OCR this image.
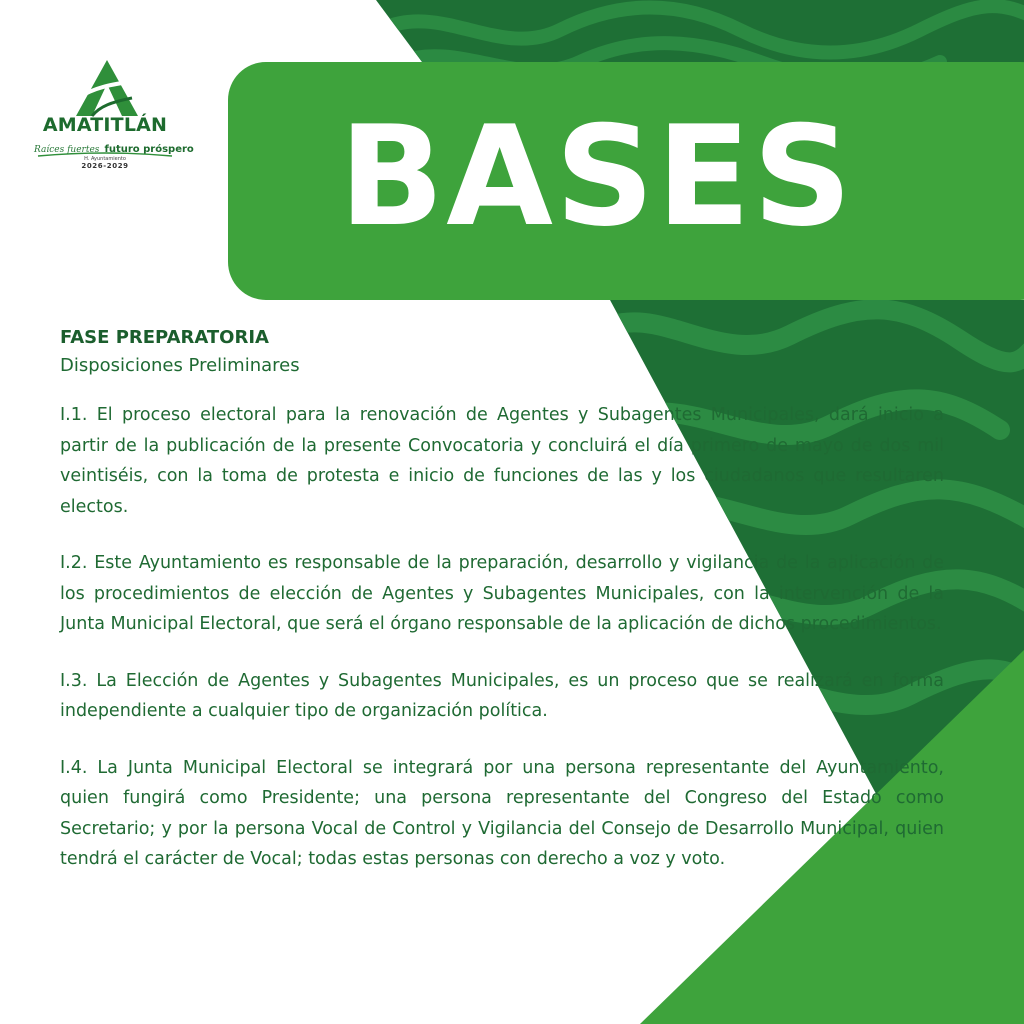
AMATITLÁN
Raíces fuertes futuro próspero
H. Ayuntamiento
2026-2029	BASES

FASE PREPARATORIA

Disposiciones Preliminares

I.1. El proceso electoral para la renovación de Agentes y Subagentes Municipales, dará inicio a partir de la publicación de la presente Convocatoria y concluirá el día primero de mayo de dos mil veintiséis, con la toma de protesta e inicio de funciones de las y los ciudadanos que resultaren electos.

I.2. Este Ayuntamiento es responsable de la preparación, desarrollo y vigilancia de la aplicación de los procedimientos de elección de Agentes y Subagentes Municipales, con la intervención de la Junta Municipal Electoral, que será el órgano responsable de la aplicación de dichos procedimientos.

I.3. La Elección de Agentes y Subagentes Municipales, es un proceso que se realizará en forma independiente a cualquier tipo de organización política.

I.4. La Junta Municipal Electoral se integrará por una persona representante del Ayuntamiento, quien fungirá como Presidente; una persona representante del Congreso del Estado como Secretario; y por la persona Vocal de Control y Vigilancia del Consejo de Desarrollo Municipal, quien tendrá el carácter de Vocal; todas estas personas con derecho a voz y voto.
